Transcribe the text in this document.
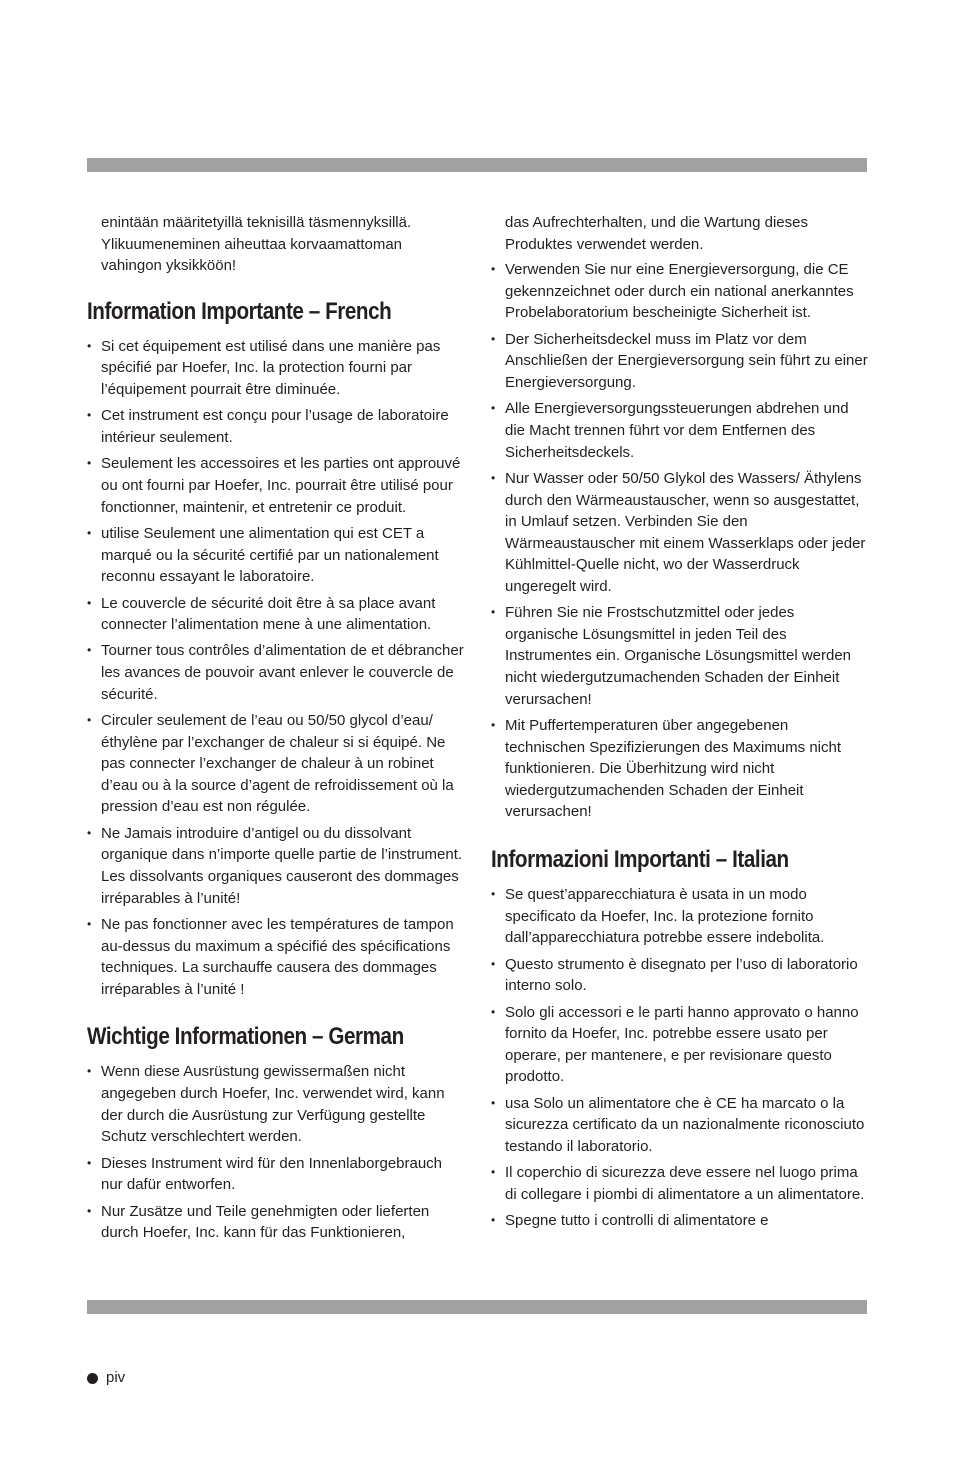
enintään määritetyillä teknisillä täsmennyksillä. Ylikuumeneminen aiheuttaa korvaamattoman vahingon yksikköön!

Information Importante – French
• Si cet équipement est utilisé dans une manière pas spécifié par Hoefer, Inc. la protection fourni par l’équipement pourrait être diminuée.
• Cet instrument est conçu pour l’usage de laboratoire intérieur seulement.
• Seulement les accessoires et les parties ont approuvé ou ont fourni par Hoefer, Inc. pourrait être utilisé pour fonctionner, maintenir, et entretenir ce produit.
• utilise Seulement une alimentation qui est CET a marqué ou la sécurité certifié par un nationalement reconnu essayant le laboratoire.
• Le couvercle de sécurité doit être à sa place avant connecter l’alimentation mene à une alimentation.
• Tourner tous contrôles d’alimentation de et débrancher les avances de pouvoir avant enlever le couvercle de sécurité.
• Circuler seulement de l’eau ou 50/50 glycol d’eau/ éthylène par l’exchanger de chaleur si si équipé. Ne pas connecter l’exchanger de chaleur à un robinet d’eau ou à la source d’agent de refroidissement où la pression d’eau est non régulée.
• Ne Jamais introduire d’antigel ou du dissolvant organique dans n’importe quelle partie de l’instrument. Les dissolvants organiques causeront des dommages irréparables à l’unité!
• Ne pas fonctionner avec les températures de tampon au-dessus du maximum a spécifié des spécifications techniques. La surchauffe causera des dommages irréparables à l’unité !
Wichtige Informationen – German
• Wenn diese Ausrüstung gewissermaßen nicht angegeben durch Hoefer, Inc. verwendet wird, kann der durch die Ausrüstung zur Verfügung gestellte Schutz verschlechtert werden.
• Dieses Instrument wird für den Innenlaborgebrauch nur dafür entworfen.
• Nur Zusätze und Teile genehmigten oder lieferten durch Hoefer, Inc. kann für das Funktionieren,

das Aufrechterhalten, und die Wartung dieses Produktes verwendet werden.

• Verwenden Sie nur eine Energieversorgung, die CE gekennzeichnet oder durch ein national anerkanntes Probelaboratorium bescheinigte Sicherheit ist.
• Der Sicherheitsdeckel muss im Platz vor dem Anschließen der Energieversorgung sein führt zu einer Energieversorgung.
• Alle Energieversorgungssteuerungen abdrehen und die Macht trennen führt vor dem Entfernen des Sicherheitsdeckels.
• Nur Wasser oder 50/50 Glykol des Wassers/ Äthylens durch den Wärmeaustauscher, wenn so ausgestattet, in Umlauf setzen. Verbinden Sie den Wärmeaustauscher mit einem Wasserklaps oder jeder Kühlmittel-Quelle nicht, wo der Wasserdruck ungeregelt wird.
• Führen Sie nie Frostschutzmittel oder jedes organische Lösungsmittel in jeden Teil des Instrumentes ein. Organische Lösungsmittel werden nicht wiedergutzumachenden Schaden der Einheit verursachen!
• Mit Puffertemperaturen über angegebenen technischen Spezifizierungen des Maximums nicht funktionieren. Die Überhitzung wird nicht wiedergutzumachenden Schaden der Einheit verursachen!
Informazioni Importanti – Italian
• Se quest’apparecchiatura è usata in un modo specificato da Hoefer, Inc. la protezione fornito dall’apparecchiatura potrebbe essere indebolita.
• Questo strumento è disegnato per l’uso di laboratorio interno solo.
• Solo gli accessori e le parti hanno approvato o hanno fornito da Hoefer, Inc. potrebbe essere usato per operare, per mantenere, e per revisionare questo prodotto.
• usa Solo un alimentatore che è CE ha marcato o la sicurezza certificato da un nazionalmente riconosciuto testando il laboratorio.
• Il coperchio di sicurezza deve essere nel luogo prima di collegare i piombi di alimentatore a un alimentatore.
• Spegne tutto i controlli di alimentatore e
piv
